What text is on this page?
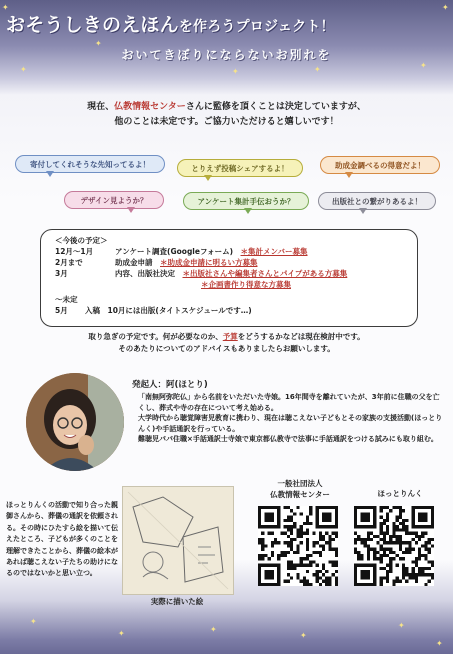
✦
✦
✦	✦	✦	✦
✦
✦
✦	✦
✦
✦
✦
おそうしきのえほんを作ろうプロジェクト！
おいてきぼりにならないお別れを
現在、仏教情報センターさんに監修を頂くことは決定していますが、
他のことは未定です。ご協力いただけると嬉しいです！
寄付してくれそうな先知ってるよ！	とりえず投稿シェアするよ！	助成金調べるの得意だよ！
デザイン見ようか？	アンケート集計手伝おうか？	出版社との繋がりあるよ！
＜今後の予定＞
12月〜1月	アンケート調査(Googleフォーム)　 ＊集計メンバー募集
2月まで	助成金申請　 ＊助成金申請に明るい方募集
3月	内容、出版社決定　 ＊出版社さんや編集者さんとパイプがある方募集
＊企画書作り得意な方募集
〜未定
5月 入稿　10月には出版(タイトスケジュールです…)
取り急ぎの予定です。何が必要なのか、予算をどうするかなどは現在検討中です。
そのあたりについてのアドバイスもありましたらお願いします。
発起人：阿(ほとり)

「南無阿弥陀仏」から名前をいただいた寺娘。16年間寺を離れていたが、3年前に住職の父を亡くし、葬式や寺の存在について考え始める。

大学時代から聴覚障害児教育に携わり、現在は聴こえない子どもとその家族の支援活動(ほっとりんく)や手話通訳を行っている。

難聴児パパ住職×手話通訳士寺娘で東京都仏教寺で法事に手話通訳をつける試みにも取り組む。

ほっとりんくの活動で知り合った親御さんから、葬儀の通訳を依頼される。その時にひたすら絵を描いて伝えたところ、子どもが多くのことを理解できたことから、葬儀の絵本があれば聴こえない子たちの助けになるのではないかと思い立つ。
実際に描いた絵
一般社団法人
仏教情報センター	ほっとりんく
